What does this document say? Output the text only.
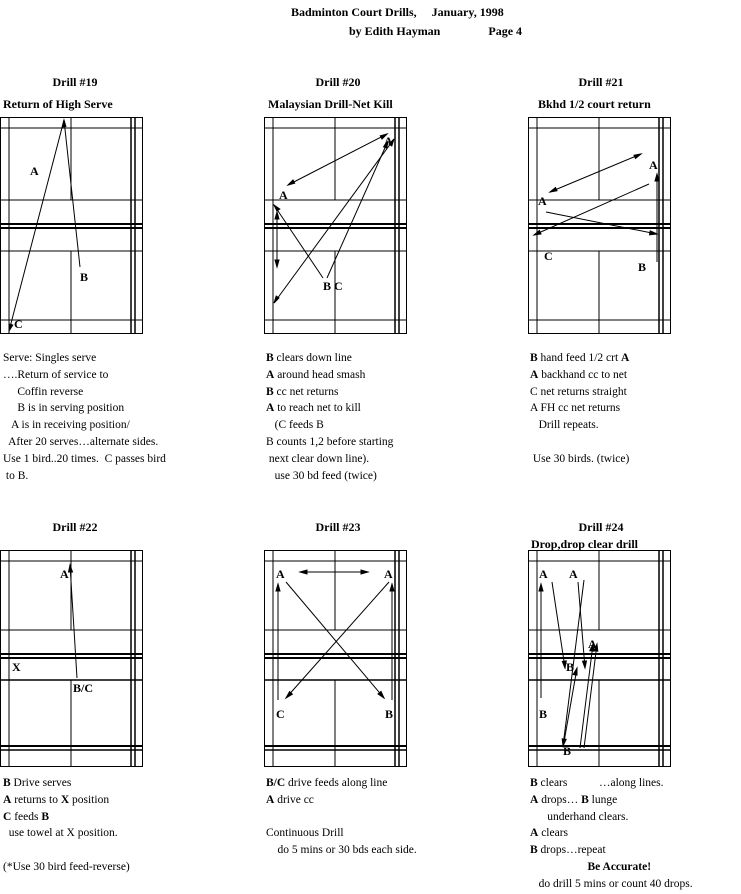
Badminton Court Drills,     January, 1998
by Edith Hayman                Page 4
Drill #19
Return of High Serve
A
B
C
Serve: Singles serve
….Return of service to
Coffin reverse
B is in serving position
A is in receiving position/
After 20 serves…alternate sides.
Use 1 bird..20 times.  C passes bird
to B.
Drill #20
Malaysian Drill-Net Kill
A
A
B C
B clears down line
A around head smash
B cc net returns
A to reach net to kill
(C feeds B
B counts 1,2 before starting
next clear down line).
use 30 bd feed (twice)
Drill #21
Bkhd 1/2 court return
A
A
C
B
B hand feed 1/2 crt A
A backhand cc to net
C net returns straight
A FH cc net returns
Drill repeats.

Use 30 birds. (twice)
Drill #22
A
X
B/C
B Drive serves
A returns to X position
C feeds B
use towel at X position.

(*Use 30 bird feed-reverse)
Drill #23
A	A
C	B
B/C drive feeds along line
A drive cc

Continuous Drill
do 5 mins or 30 bds each side.
Drill #24
Drop,drop clear drill
A A
A
B
B
B
B clears           …along lines.
A drops… B lunge
underhand clears.
A clears
B drops…repeat
Be Accurate!
do drill 5 mins or count 40 drops.
